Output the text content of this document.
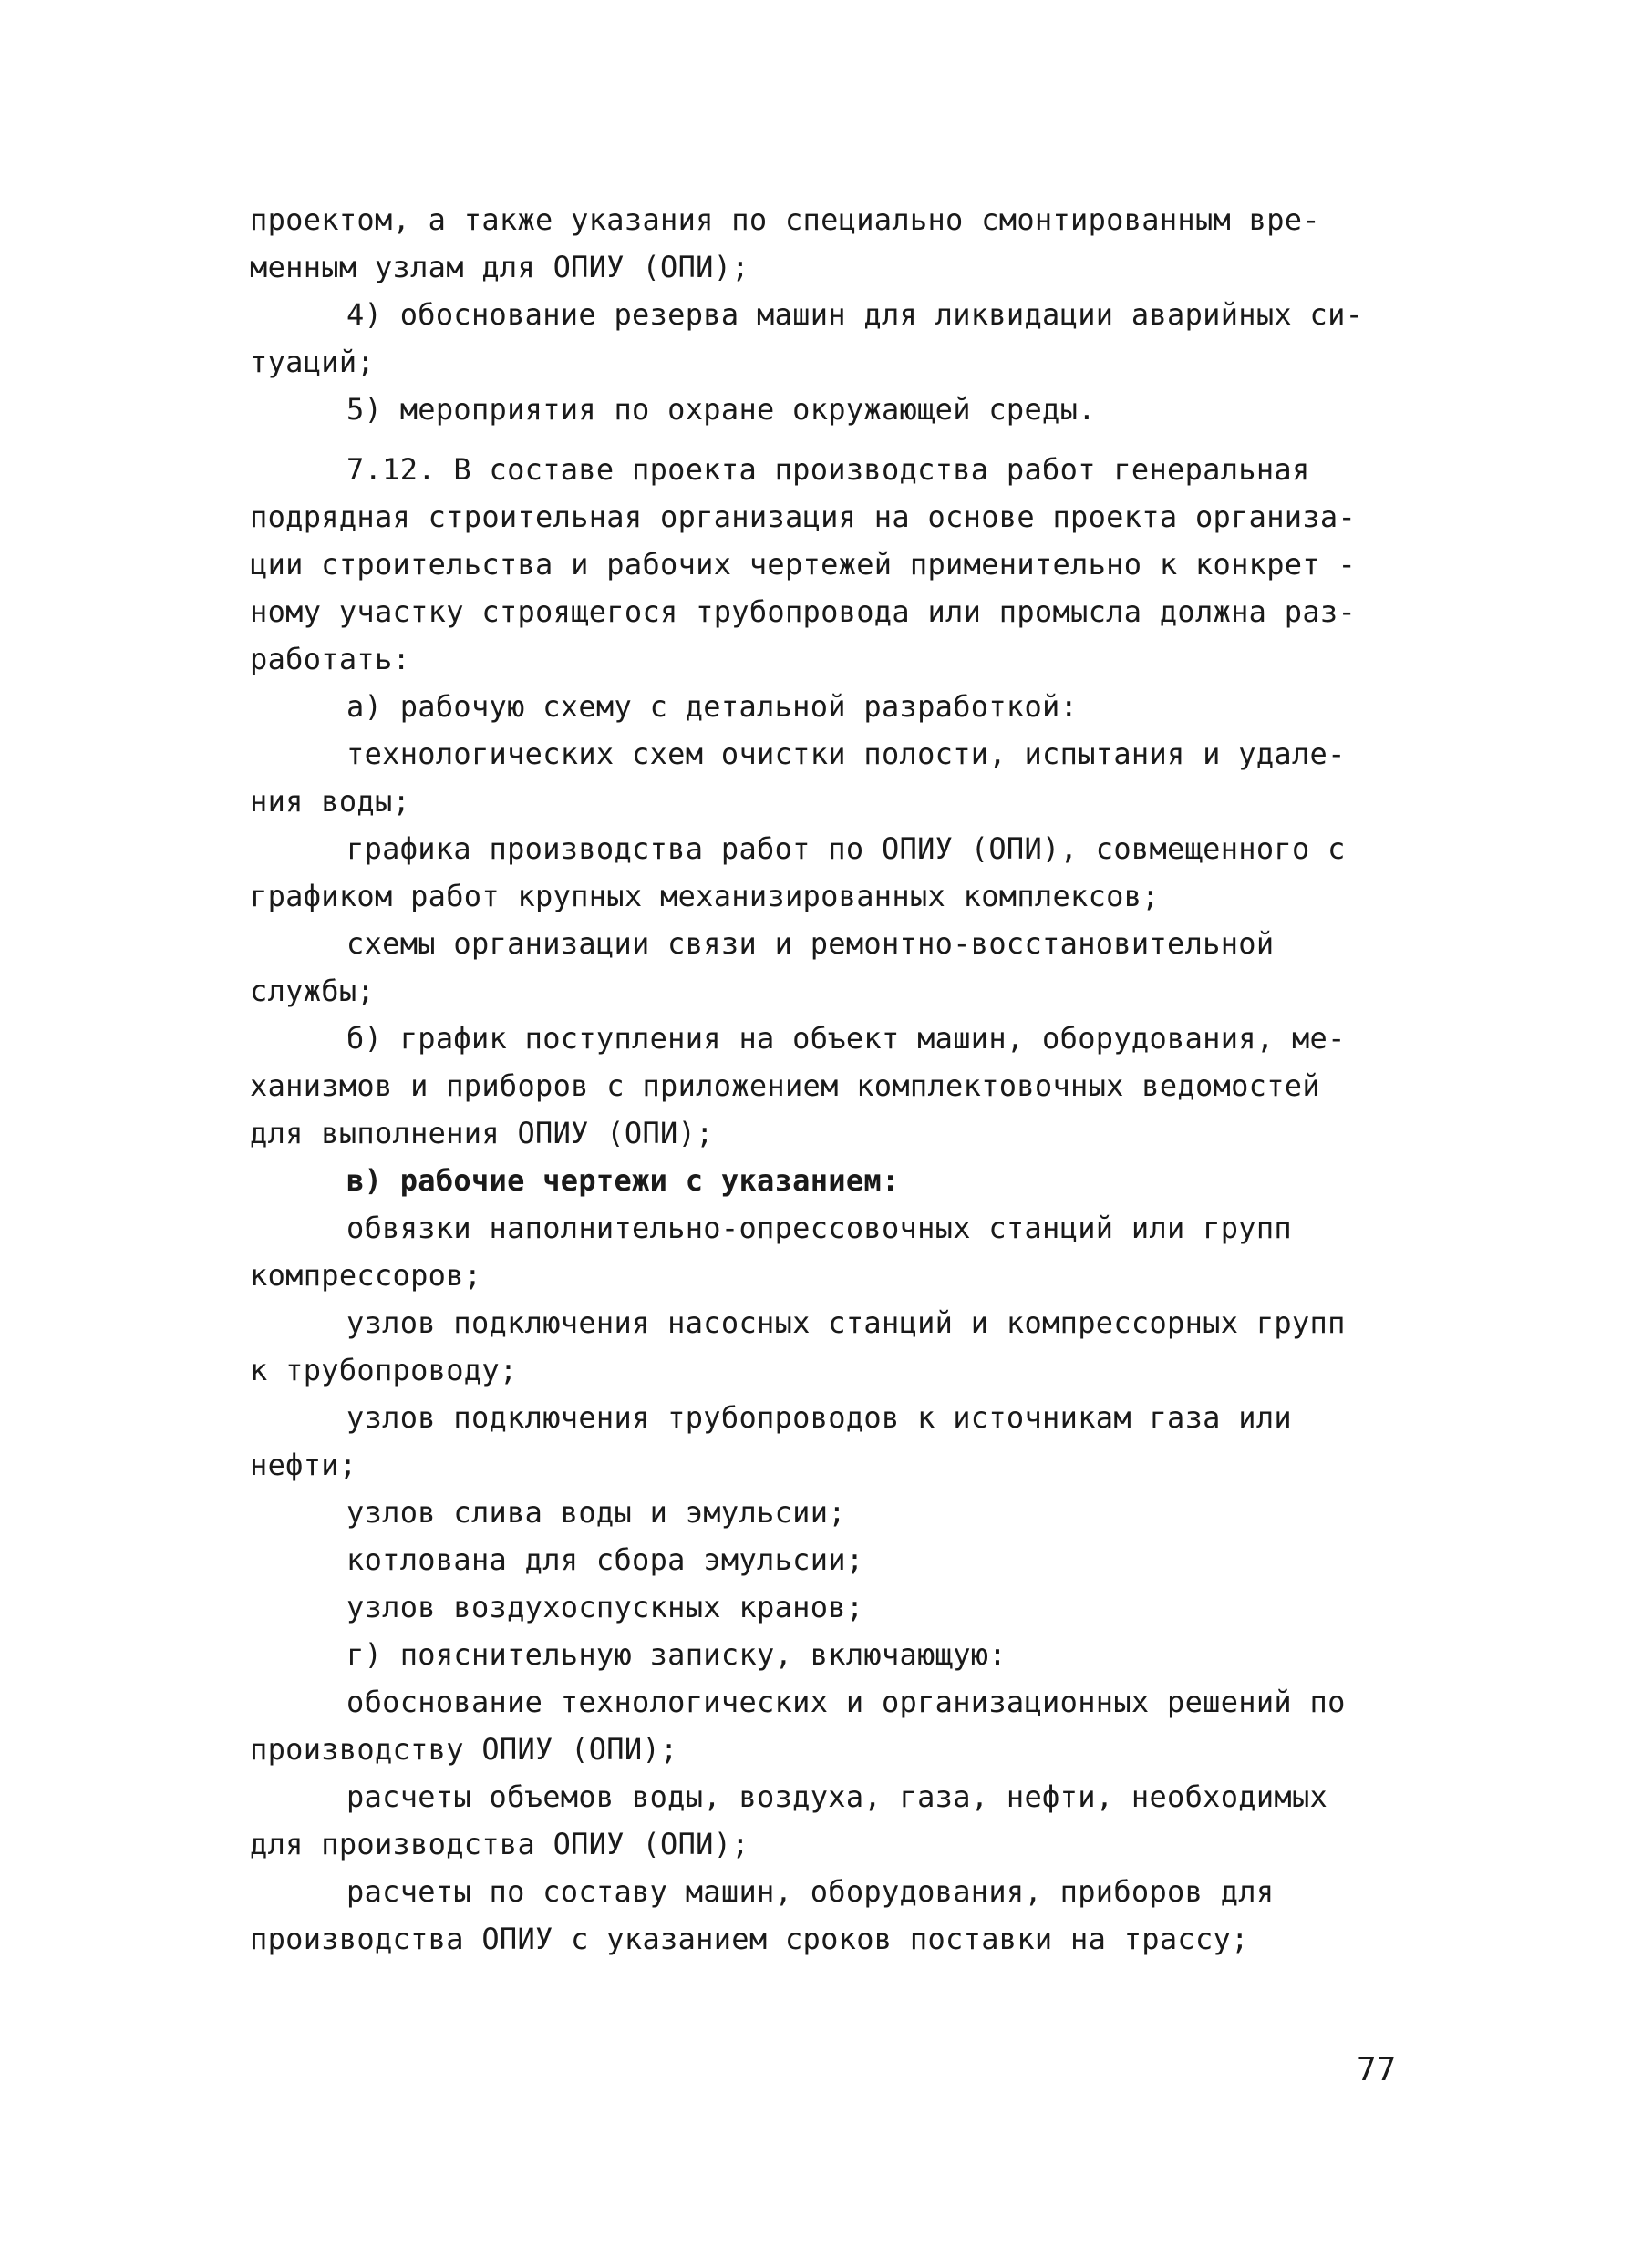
проектом, а также указания по специально смонтированным вре-
менным узлам для ОПИУ (ОПИ);
4) обоснование резерва машин для ликвидации аварийных си-
туаций;
5) мероприятия по охране окружающей среды.
7.12. В составе проекта производства работ генеральная
подрядная строительная организация на основе проекта организа-
ции строительства и рабочих чертежей применительно к конкрет -
ному участку строящегося трубопровода или промысла должна раз-
работать:
а) рабочую схему с детальной разработкой:
технологических схем очистки полости, испытания и удале-
ния воды;
графика производства работ по ОПИУ (ОПИ), совмещенного с
графиком работ крупных механизированных комплексов;
схемы организации связи и ремонтно-восстановительной
службы;
б) график поступления на объект машин, оборудования, ме-
ханизмов и приборов с приложением комплектовочных ведомостей
для выполнения ОПИУ (ОПИ);
в) рабочие чертежи с указанием:
обвязки наполнительно-опрессовочных станций или групп
компрессоров;
узлов подключения насосных станций и компрессорных групп
к трубопроводу;
узлов подключения трубопроводов к источникам газа или
нефти;
узлов слива воды и эмульсии;
котлована для сбора эмульсии;
узлов воздухоспускных кранов;
г) пояснительную записку, включающую:
обоснование технологических и организационных решений по
производству ОПИУ (ОПИ);
расчеты объемов воды, воздуха, газа, нефти, необходимых
для производства ОПИУ (ОПИ);
расчеты по составу машин, оборудования, приборов для
производства ОПИУ с указанием сроков поставки на трассу;
77
